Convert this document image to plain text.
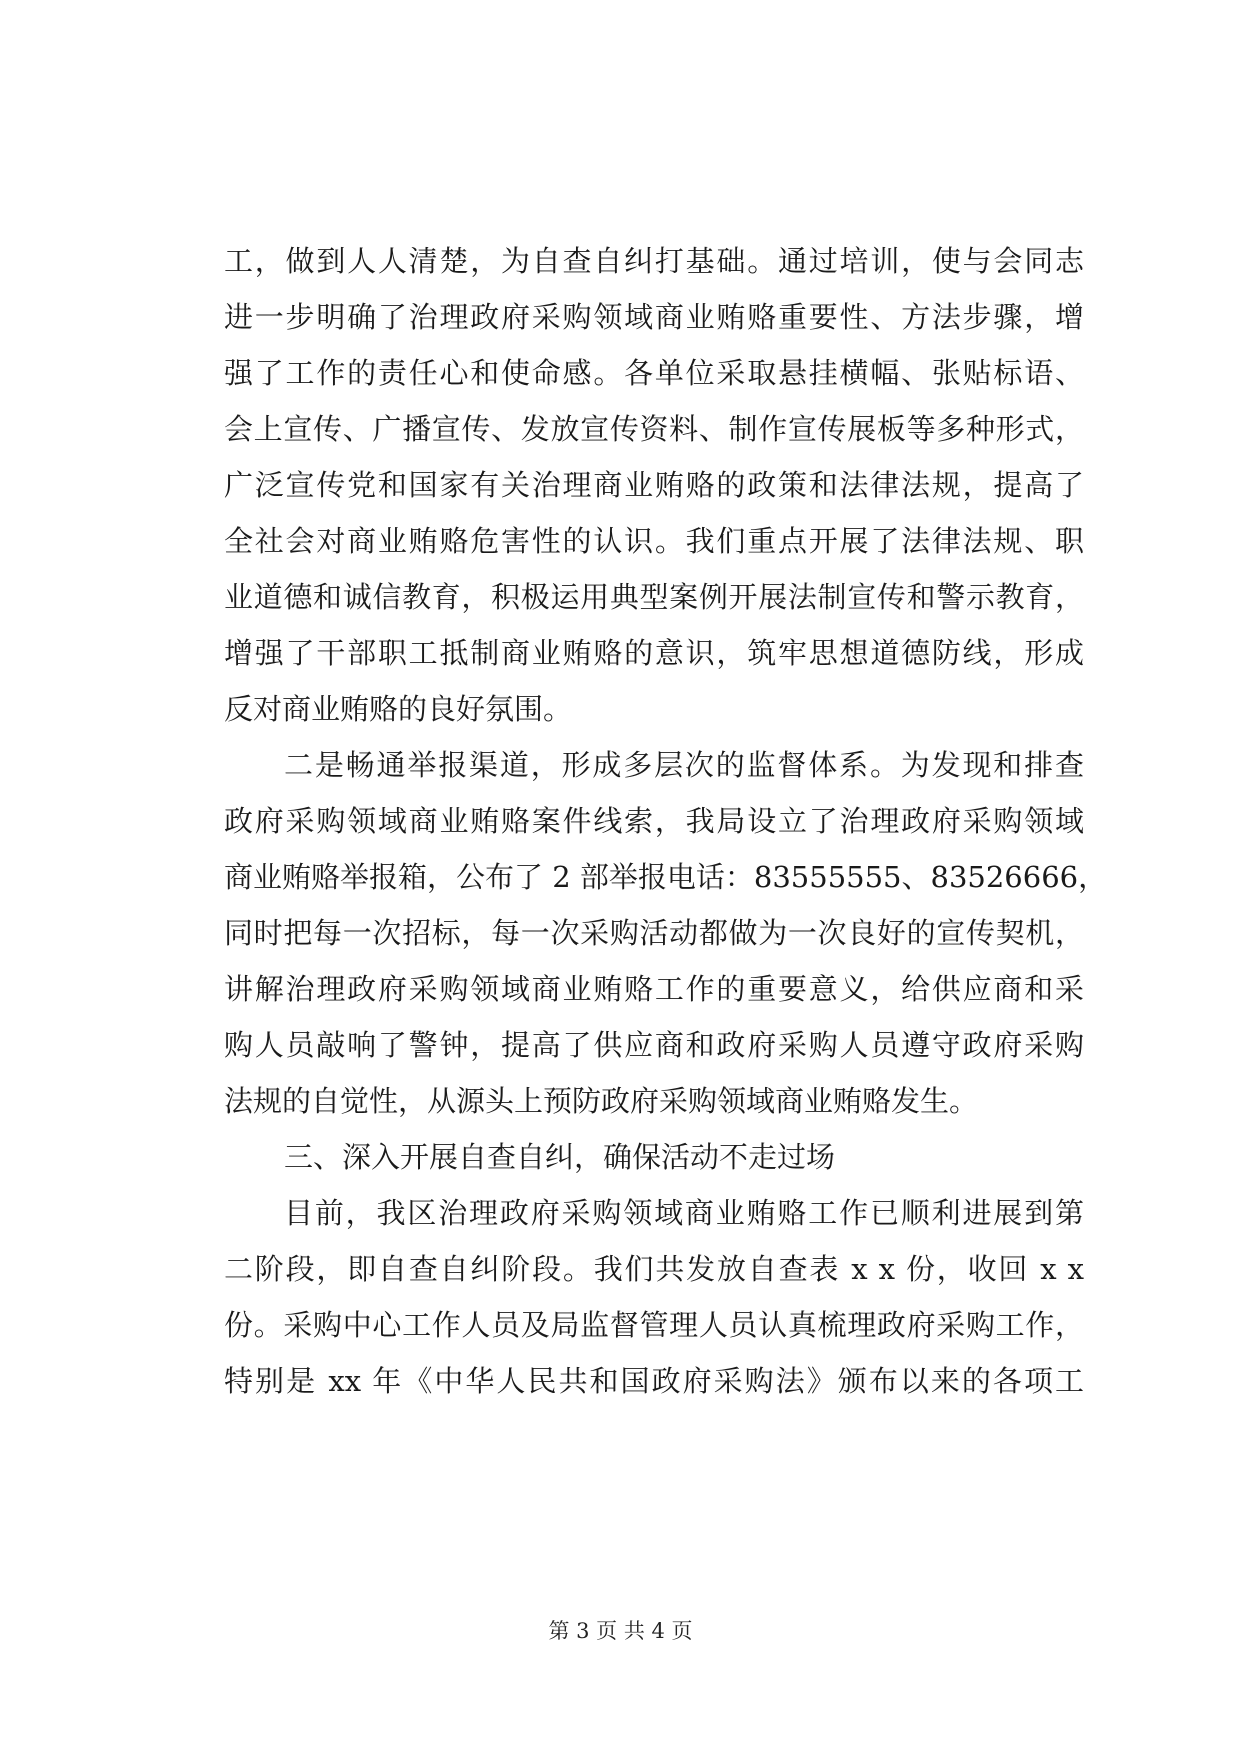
工，做到人人清楚，为自查自纠打基础。通过培训，使与会同志
进一步明确了治理政府采购领域商业贿赂重要性、方法步骤，增
强了工作的责任心和使命感。各单位采取悬挂横幅、张贴标语、
会上宣传、广播宣传、发放宣传资料、制作宣传展板等多种形式，
广泛宣传党和国家有关治理商业贿赂的政策和法律法规，提高了
全社会对商业贿赂危害性的认识。我们重点开展了法律法规、职
业道德和诚信教育，积极运用典型案例开展法制宣传和警示教育，
增强了干部职工抵制商业贿赂的意识，筑牢思想道德防线，形成
反对商业贿赂的良好氛围。
二是畅通举报渠道，形成多层次的监督体系。为发现和排查
政府采购领域商业贿赂案件线索，我局设立了治理政府采购领域
商业贿赂举报箱，公布了 2 部举报电话：83555555、83526666，
同时把每一次招标，每一次采购活动都做为一次良好的宣传契机，
讲解治理政府采购领域商业贿赂工作的重要意义，给供应商和采
购人员敲响了警钟，提高了供应商和政府采购人员遵守政府采购
法规的自觉性，从源头上预防政府采购领域商业贿赂发生。
三、深入开展自查自纠，确保活动不走过场
目前，我区治理政府采购领域商业贿赂工作已顺利进展到第
二阶段，即自查自纠阶段。我们共发放自查表 x x 份，收回 x x
份。采购中心工作人员及局监督管理人员认真梳理政府采购工作，
特别是 xx 年《中华人民共和国政府采购法》颁布以来的各项工
第 3 页 共 4 页
